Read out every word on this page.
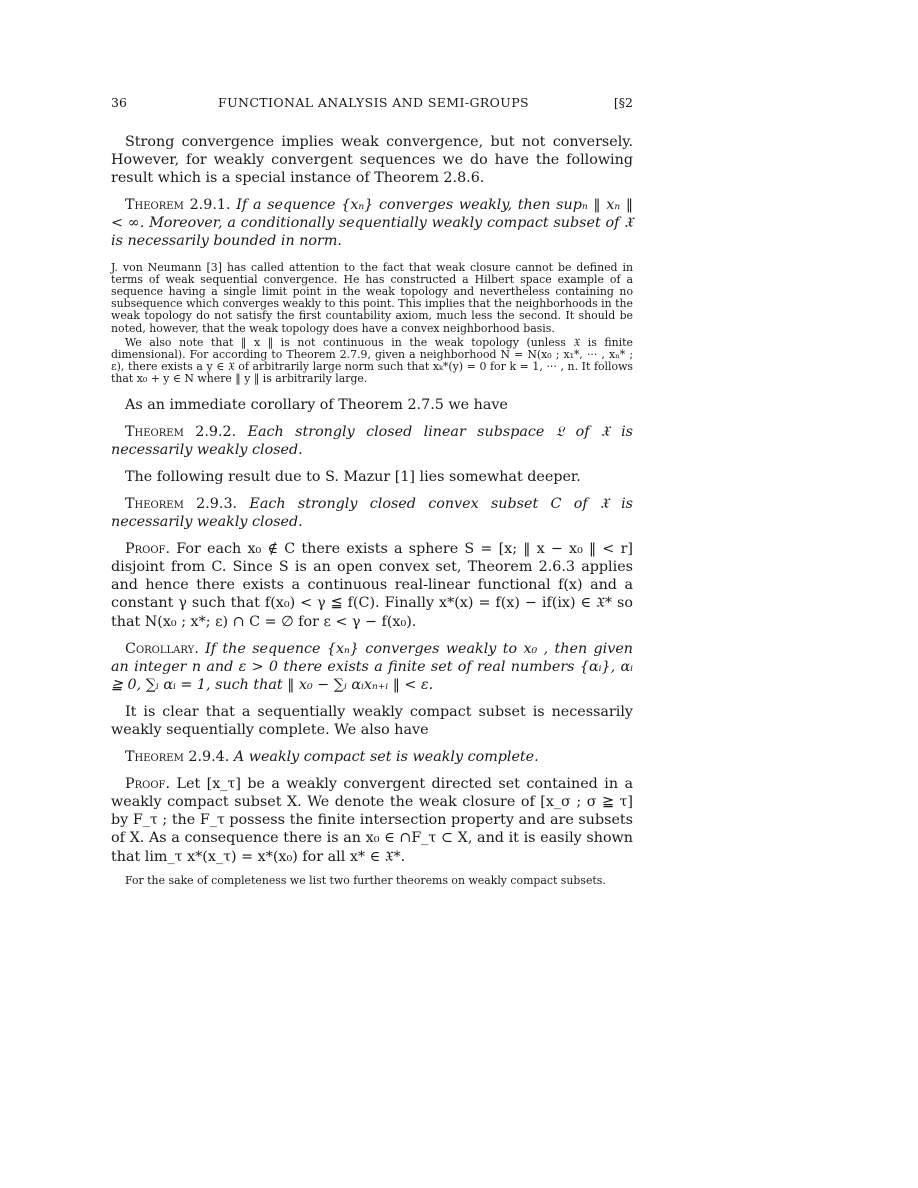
36	FUNCTIONAL ANALYSIS AND SEMI-GROUPS	[§2

Strong convergence implies weak convergence, but not conversely. However, for weakly convergent sequences we do have the following result which is a special instance of Theorem 2.8.6.

Theorem 2.9.1. If a sequence {xₙ} converges weakly, then supₙ ‖ xₙ ‖ < ∞. Moreover, a conditionally sequentially weakly compact subset of 𝔛 is necessarily bounded in norm.

J. von Neumann [3] has called attention to the fact that weak closure cannot be defined in terms of weak sequential convergence. He has constructed a Hilbert space example of a sequence having a single limit point in the weak topology and nevertheless containing no subsequence which converges weakly to this point. This implies that the neighborhoods in the weak topology do not satisfy the first countability axiom, much less the second. It should be noted, however, that the weak topology does have a convex neighborhood basis.

We also note that ‖ x ‖ is not continuous in the weak topology (unless 𝔛 is finite dimensional). For according to Theorem 2.7.9, given a neighborhood N = N(x₀ ; x₁*, ··· , xₙ* ; ε), there exists a y ∈ 𝔛 of arbitrarily large norm such that xₖ*(y) = 0 for k = 1, ··· , n. It follows that x₀ + y ∈ N where ‖ y ‖ is arbitrarily large.

As an immediate corollary of Theorem 2.7.5 we have

Theorem 2.9.2. Each strongly closed linear subspace 𝔏 of 𝔛 is necessarily weakly closed.

The following result due to S. Mazur [1] lies somewhat deeper.

Theorem 2.9.3. Each strongly closed convex subset C of 𝔛 is necessarily weakly closed.

Proof. For each x₀ ∉ C there exists a sphere S = [x; ‖ x − x₀ ‖ < r] disjoint from C. Since S is an open convex set, Theorem 2.6.3 applies and hence there exists a continuous real-linear functional f(x) and a constant γ such that f(x₀) < γ ≦ f(C). Finally x*(x) = f(x) − if(ix) ∈ 𝔛* so that N(x₀ ; x*; ε) ∩ C = ∅ for ε < γ − f(x₀).

Corollary. If the sequence {xₙ} converges weakly to x₀ , then given an integer n and ε > 0 there exists a finite set of real numbers {αᵢ}, αᵢ ≧ 0, ∑ᵢ αᵢ = 1, such that ‖ x₀ − ∑ᵢ αᵢxₙ₊ᵢ ‖ < ε.

It is clear that a sequentially weakly compact subset is necessarily weakly sequentially complete. We also have

Theorem 2.9.4. A weakly compact set is weakly complete.

Proof. Let [x_τ] be a weakly convergent directed set contained in a weakly compact subset X. We denote the weak closure of [x_σ ; σ ≧ τ] by F_τ ; the F_τ possess the finite intersection property and are subsets of X. As a consequence there is an x₀ ∈ ∩F_τ ⊂ X, and it is easily shown that lim_τ x*(x_τ) = x*(x₀) for all x* ∈ 𝔛*.

For the sake of completeness we list two further theorems on weakly compact subsets.
